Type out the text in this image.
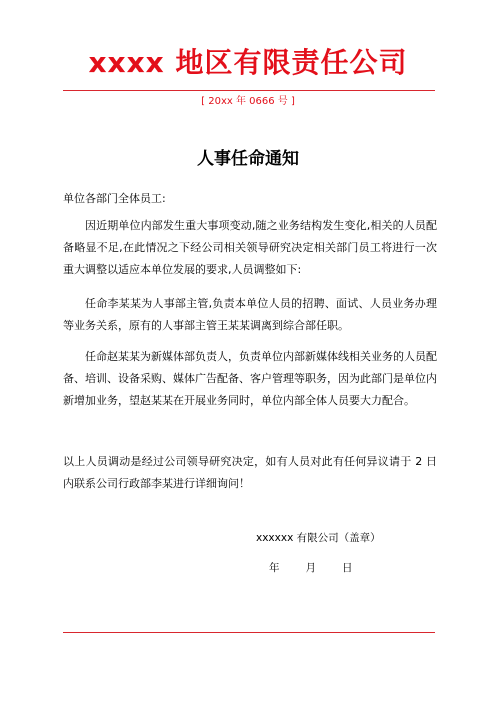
xxxx 地区有限责任公司
[ 20xx 年 0666 号 ]
人事任命通知

单位各部门全体员工:

因近期单位内部发生重大事项变动,随之业务结构发生变化,相关的人员配备略显不足,在此情况之下经公司相关领导研究决定相关部门员工将进行一次重大调整以适应本单位发展的要求,人员调整如下:

任命李某某为人事部主管,负责本单位人员的招聘、面试、人员业务办理等业务关系，原有的人事部主管王某某调离到综合部任职。

任命赵某某为新媒体部负责人，负责单位内部新媒体线相关业务的人员配备、培训、设备采购、媒体广告配备、客户管理等职务，因为此部门是单位内新增加业务，望赵某某在开展业务同时，单位内部全体人员要大力配合。

以上人员调动是经过公司领导研究决定，如有人员对此有任何异议请于 2 日内联系公司行政部李某进行详细询问！

xxxxxx 有限公司（盖章）
年 月 日
